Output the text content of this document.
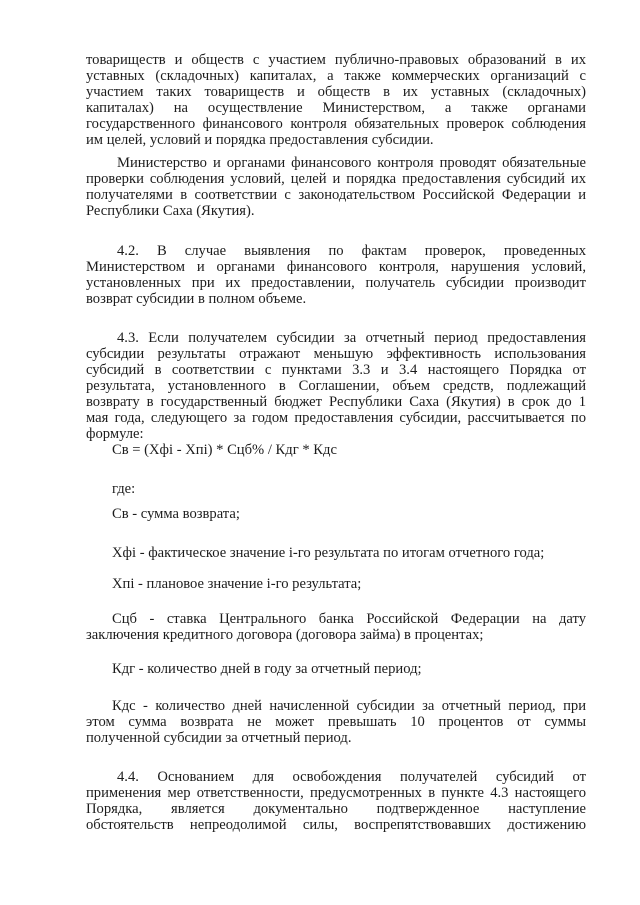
товариществ и обществ с участием публично-правовых образований в их
уставных (складочных) капиталах, а также коммерческих организаций с
участием таких товариществ и обществ в их уставных (складочных)
капиталах) на осуществление Министерством, а также органами
государственного финансового контроля обязательных проверок соблюдения
им целей, условий и порядка предоставления субсидии.
Министерство и органами финансового контроля проводят обязательные
проверки соблюдения условий, целей и порядка предоставления субсидий их
получателями в соответствии с законодательством Российской Федерации и
Республики Саха (Якутия).
4.2. В случае выявления по фактам проверок, проведенных
Министерством и органами финансового контроля, нарушения условий,
установленных при их предоставлении, получатель субсидии производит
возврат субсидии в полном объеме.
4.3. Если получателем субсидии за отчетный период предоставления
субсидии результаты отражают меньшую эффективность использования
субсидий в соответствии с пунктами 3.3 и 3.4 настоящего Порядка от
результата, установленного в Соглашении, объем средств, подлежащий
возврату в государственный бюджет Республики Саха (Якутия) в срок до 1
мая года, следующего за годом предоставления субсидии, рассчитывается по
формуле:
Св = (Хфi - Хпi) * Сцб% / Кдг * Кдс
где:
Св - сумма возврата;
Хфi - фактическое значение i-го результата по итогам отчетного года;
Хпi - плановое значение i-го результата;
Сцб - ставка Центрального банка Российской Федерации на дату
заключения кредитного договора (договора займа) в процентах;
Кдг - количество дней в году за отчетный период;
Кдс - количество дней начисленной субсидии за отчетный период, при
этом сумма возврата не может превышать 10 процентов от суммы
полученной субсидии за отчетный период.
4.4. Основанием для освобождения получателей субсидий от
применения мер ответственности, предусмотренных в пункте 4.3 настоящего
Порядка, является документально подтвержденное наступление
обстоятельств непреодолимой силы, воспрепятствовавших достижению
